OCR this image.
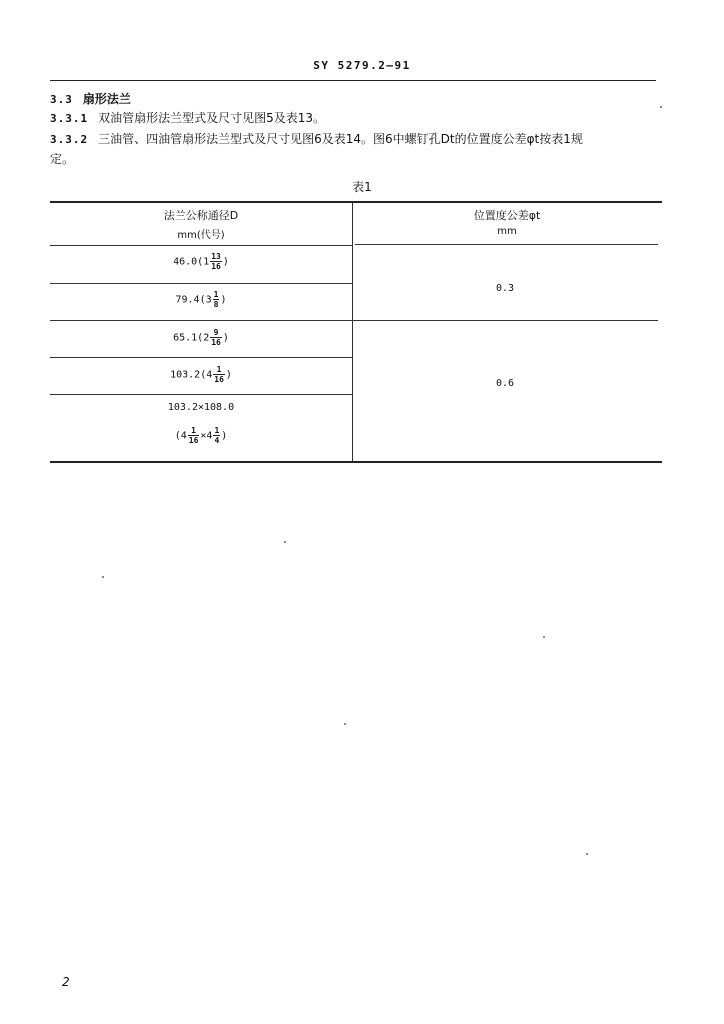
SY 5279.2—91
3.3 扇形法兰
3.3.1 双油管扇形法兰型式及尺寸见图5及表13。
3.3.2 三油管、四油管扇形法兰型式及尺寸见图6及表14。图6中螺钉孔Dt的位置度公差φt按表1规
定。
表1
法兰公称通径D
mm(代号)
位置度公差φt
mm
$46.0(1 \frac{13}{16}$ )
$79.4(3 \frac{1}{8}$ )
$65.1(2 \frac{9}{16}$ )
$103.2(4 \frac{1}{16}$ )
103.2×108.0
($4 \frac{1}{16} \times 4 \frac{1}{4}$ )
0.3
0.6
2
